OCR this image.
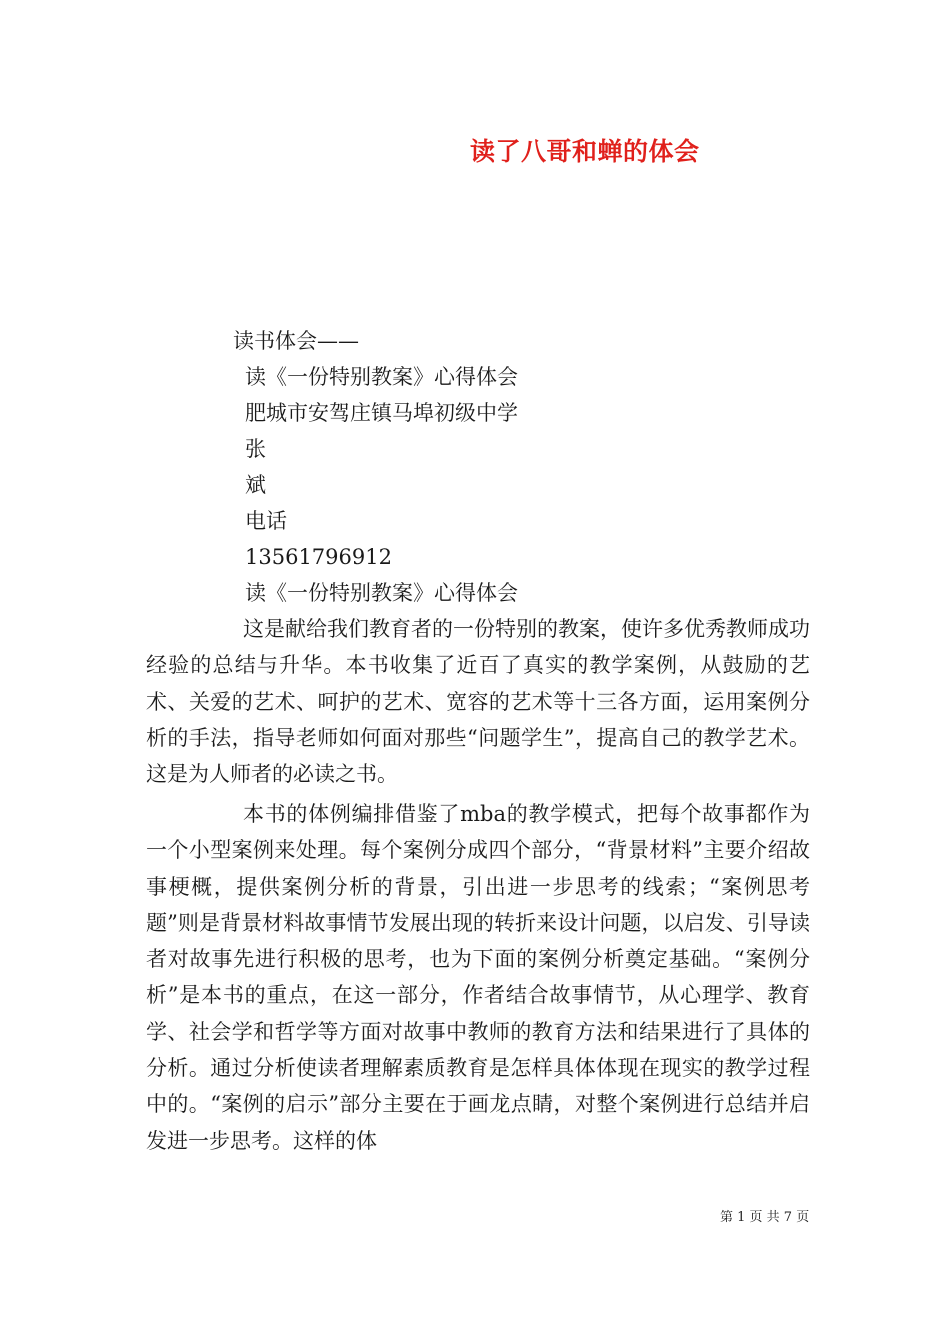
读了八哥和蝉的体会
读书体会——
读《一份特别教案》心得体会
肥城市安驾庄镇马埠初级中学
张
斌
电话
13561796912
读《一份特别教案》心得体会
这是献给我们教育者的一份特别的教案，使许多优秀教师成功经验的总结与升华。本书收集了近百了真实的教学案例，从鼓励的艺术、关爱的艺术、呵护的艺术、宽容的艺术等十三各方面，运用案例分析的手法，指导老师如何面对那些“问题学生”，提高自己的教学艺术。这是为人师者的必读之书。
本书的体例编排借鉴了mba的教学模式，把每个故事都作为一个小型案例来处理。每个案例分成四个部分，“背景材料”主要介绍故事梗概，提供案例分析的背景，引出进一步思考的线索；“案例思考题”则是背景材料故事情节发展出现的转折来设计问题，以启发、引导读者对故事先进行积极的思考，也为下面的案例分析奠定基础。“案例分析”是本书的重点，在这一部分，作者结合故事情节，从心理学、教育学、社会学和哲学等方面对故事中教师的教育方法和结果进行了具体的分析。通过分析使读者理解素质教育是怎样具体体现在现实的教学过程中的。“案例的启示”部分主要在于画龙点睛，对整个案例进行总结并启发进一步思考。这样的体
第 1 页 共 7 页
